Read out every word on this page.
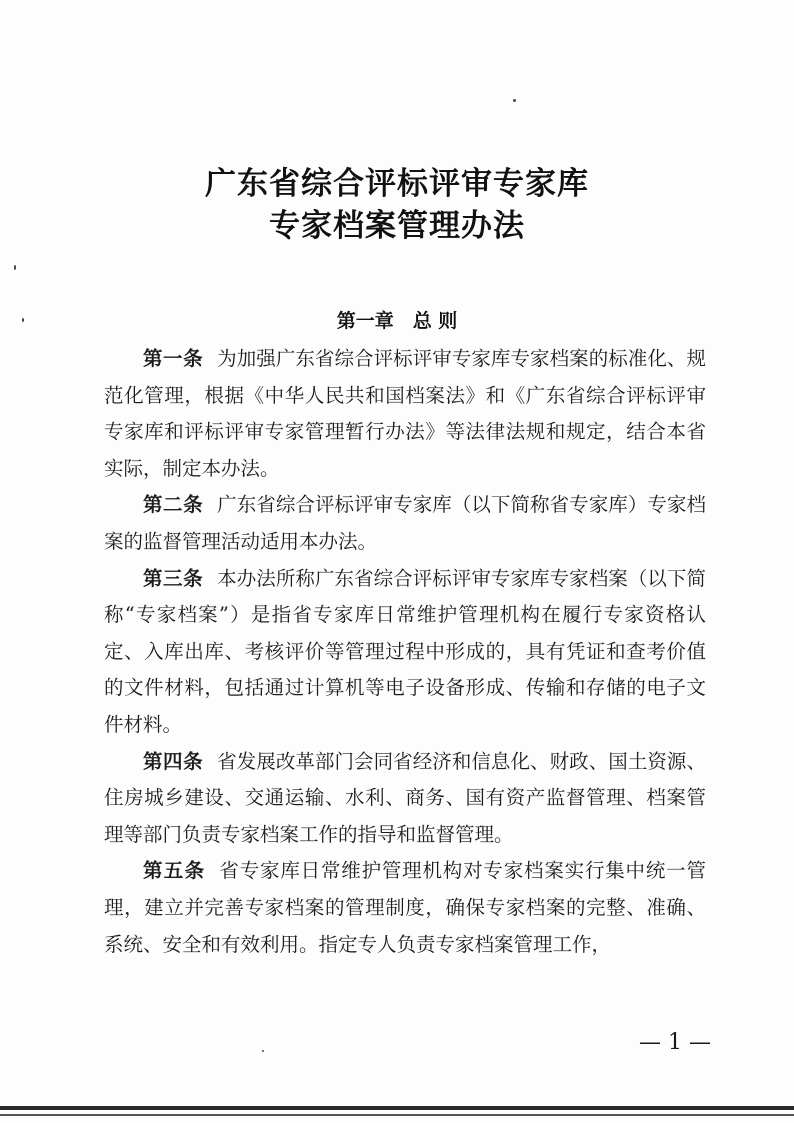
广东省综合评标评审专家库
专家档案管理办法
第一章　总 则

第一条 为加强广东省综合评标评审专家库专家档案的标准化、规范化管理，根据《中华人民共和国档案法》和《广东省综合评标评审专家库和评标评审专家管理暂行办法》等法律法规和规定，结合本省实际，制定本办法。

第二条 广东省综合评标评审专家库（以下简称省专家库）专家档案的监督管理活动适用本办法。

第三条 本办法所称广东省综合评标评审专家库专家档案（以下简称“专家档案”）是指省专家库日常维护管理机构在履行专家资格认定、入库出库、考核评价等管理过程中形成的，具有凭证和查考价值的文件材料，包括通过计算机等电子设备形成、传输和存储的电子文件材料。

第四条 省发展改革部门会同省经济和信息化、财政、国土资源、住房城乡建设、交通运输、水利、商务、国有资产监督管理、档案管理等部门负责专家档案工作的指导和监督管理。

第五条 省专家库日常维护管理机构对专家档案实行集中统一管理，建立并完善专家档案的管理制度，确保专家档案的完整、准确、系统、安全和有效利用。指定专人负责专家档案管理工作，

— 1 —
